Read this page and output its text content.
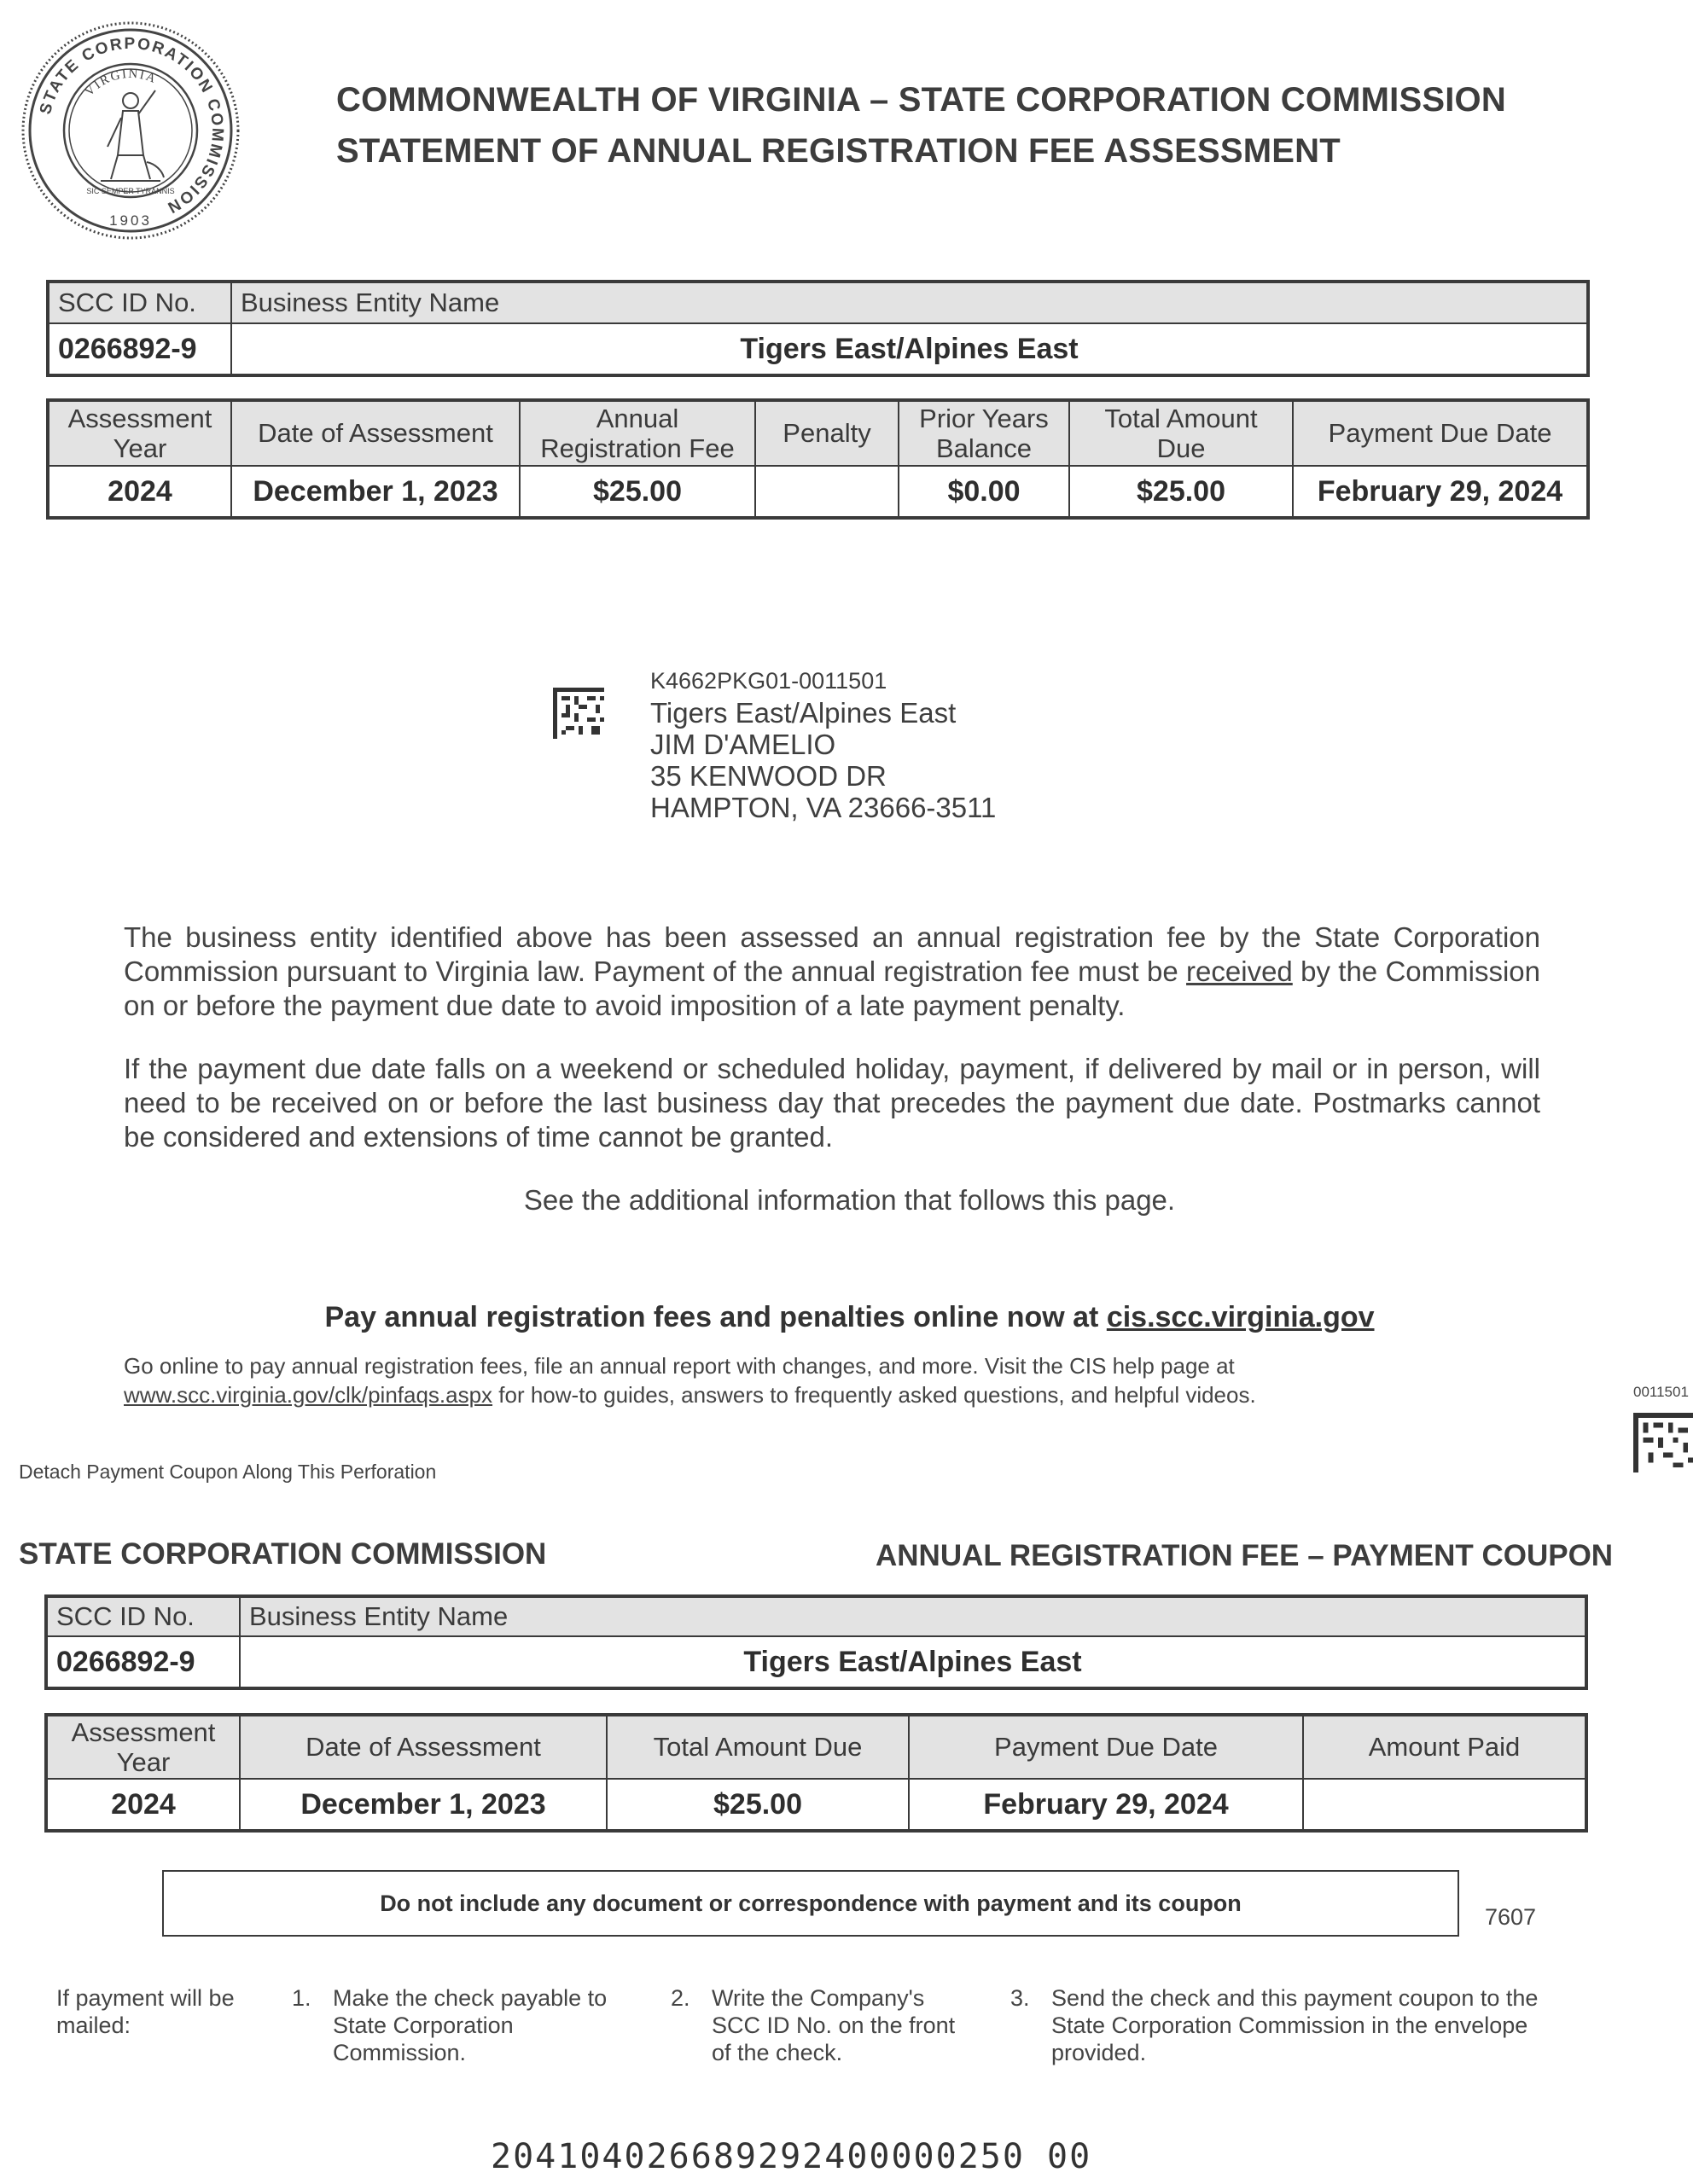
STATE CORPORATION COMMISSION
VIRGINIA
SIC SEMPER TYRANNIS
1903
COMMONWEALTH OF VIRGINIA – STATE CORPORATION COMMISSION
STATEMENT OF ANNUAL REGISTRATION FEE ASSESSMENT
SCC ID No.	Business Entity Name
0266892-9	Tigers East/Alpines East
Assessment Year	Date of Assessment	Annual Registration Fee	Penalty	Prior Years Balance	Total Amount Due	Payment Due Date
2024	December 1, 2023	$25.00		$0.00	$25.00	February 29, 2024
K4662PKG01-0011501
Tigers East/Alpines East
JIM D'AMELIO
35 KENWOOD DR
HAMPTON, VA 23666-3511
The business entity identified above has been assessed an annual registration fee by the State Corporation Commission pursuant to Virginia law. Payment of the annual registration fee must be received by the Commission on or before the payment due date to avoid imposition of a late payment penalty.
If the payment due date falls on a weekend or scheduled holiday, payment, if delivered by mail or in person, will need to be received on or before the last business day that precedes the payment due date. Postmarks cannot be considered and extensions of time cannot be granted.
See the additional information that follows this page.
Pay annual registration fees and penalties online now at cis.scc.virginia.gov
Go online to pay annual registration fees, file an annual report with changes, and more. Visit the CIS help page at
www.scc.virginia.gov/clk/pinfaqs.aspx for how-to guides, answers to frequently asked questions, and helpful videos.	0011501
Detach Payment Coupon Along This Perforation
STATE CORPORATION COMMISSION	ANNUAL REGISTRATION FEE – PAYMENT COUPON
SCC ID No.	Business Entity Name
0266892-9	Tigers East/Alpines East
Assessment Year	Date of Assessment	Total Amount Due	Payment Due Date	Amount Paid
2024	December 1, 2023	$25.00	February 29, 2024	
Do not include any document or correspondence with payment and its coupon
7607
If payment will be mailed:
1. Make the check payable to State Corporation Commission.
2. Write the Company's SCC ID No. on the front of the check.
3. Send the check and this payment coupon to the State Corporation Commission in the envelope provided.
204104026689292400000250 00
